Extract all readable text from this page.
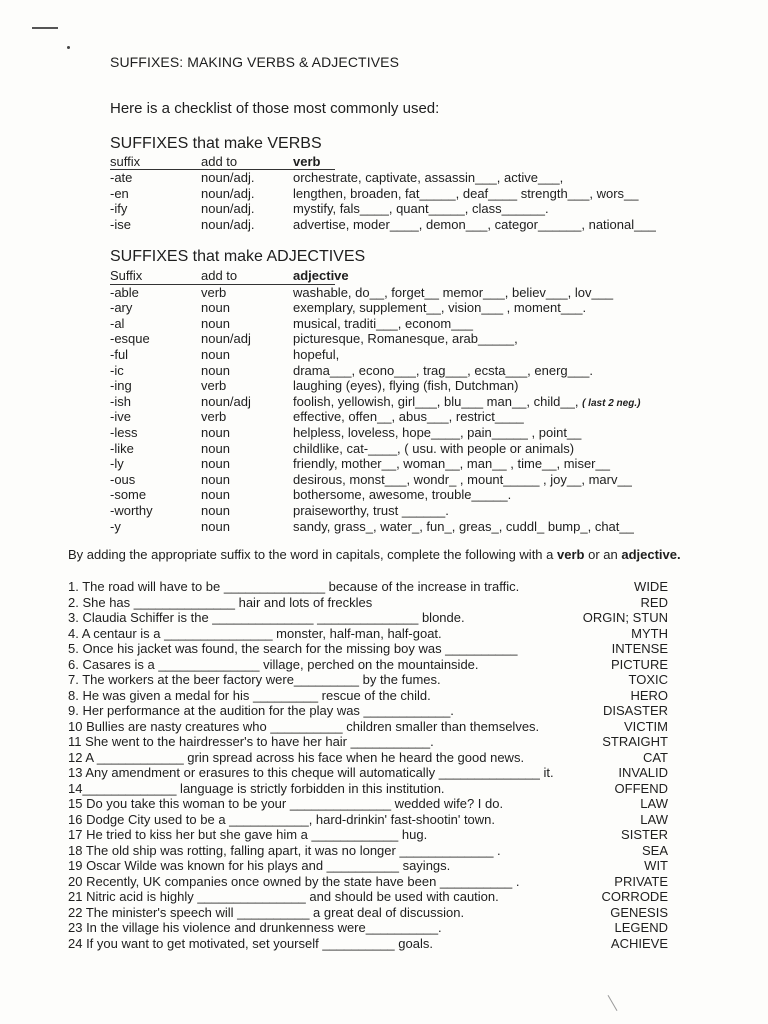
SUFFIXES: MAKING VERBS & ADJECTIVES
Here is a checklist of those most commonly used:
SUFFIXES that make VERBS
suffix	add to	verb
-ate	noun/adj.	orchestrate, captivate, assassin___, active___,
-en	noun/adj.	lengthen, broaden, fat_____, deaf____ strength___, wors__
-ify	noun/adj.	mystify, fals____, quant_____, class______.
-ise	noun/adj.	advertise, moder____, demon___, categor______, national___
SUFFIXES that make ADJECTIVES
Suffix	add to	adjective
-able	verb	washable, do__, forget__ memor___, believ___, lov___
-ary	noun	exemplary, supplement__, vision___ , moment___.
-al	noun	musical, traditi___, econom___
-esque	noun/adj	picturesque, Romanesque, arab_____,
-ful	noun	hopeful,
-ic	noun	drama___, econo___, trag___, ecsta___, energ___.
-ing	verb	laughing (eyes), flying (fish, Dutchman)
-ish	noun/adj	foolish, yellowish, girl___, blu___ man__, child__, ( last 2 neg.)
-ive	verb	effective, offen__, abus___, restrict____
-less	noun	helpless, loveless, hope____, pain_____ , point__
-like	noun	childlike, cat-____, ( usu. with people or animals)
-ly	noun	friendly, mother__, woman__, man__ , time__, miser__
-ous	noun	desirous, monst___, wondr_ , mount_____ , joy__, marv__
-some	noun	bothersome, awesome, trouble_____.
-worthy	noun	praiseworthy, trust ______.
-y	noun	sandy, grass_, water_, fun_, greas_, cuddl_ bump_, chat__
By adding the appropriate suffix to the word in capitals, complete the following with a verb or an adjective.
1. The road will have to be ______________ because of the increase in traffic.	WIDE
2. She has ______________ hair and lots of freckles	RED
3. Claudia Schiffer is the ______________ ______________ blonde.	ORGIN; STUN
4. A centaur is a _______________ monster, half-man, half-goat.	MYTH
5. Once his jacket was found, the search for the missing boy was __________	INTENSE
6. Casares is a ______________ village, perched on the mountainside.	PICTURE
7. The workers at the beer factory were_________ by the fumes.	TOXIC
8. He was given a medal for his _________ rescue of the child.	HERO
9. Her performance at the audition for the play was ____________.	DISASTER
10 Bullies are nasty creatures who __________ children smaller than themselves.	VICTIM
11 She went to the hairdresser's to have her hair ___________.	STRAIGHT
12 A ____________ grin spread across his face when he heard the good news.	CAT
13 Any amendment or erasures to this cheque will automatically ______________ it.	INVALID
14_____________ language is strictly forbidden in this institution.	OFFEND
15 Do you take this woman to be your ______________ wedded wife? I do.	LAW
16 Dodge City used to be a ___________, hard-drinkin' fast-shootin' town.	LAW
17 He tried to kiss her but she gave him a ____________ hug.	SISTER
18 The old ship was rotting, falling apart, it was no longer _____________ .	SEA
19 Oscar Wilde was known for his plays and __________ sayings.	WIT
20 Recently, UK companies once owned by the state have been __________ .	PRIVATE
21 Nitric acid is highly _______________ and should be used with caution.	CORRODE
22 The minister's speech will __________ a great deal of discussion.	GENESIS
23 In the village his violence and drunkenness were__________.	LEGEND
24 If you want to get motivated, set yourself __________ goals.	ACHIEVE
